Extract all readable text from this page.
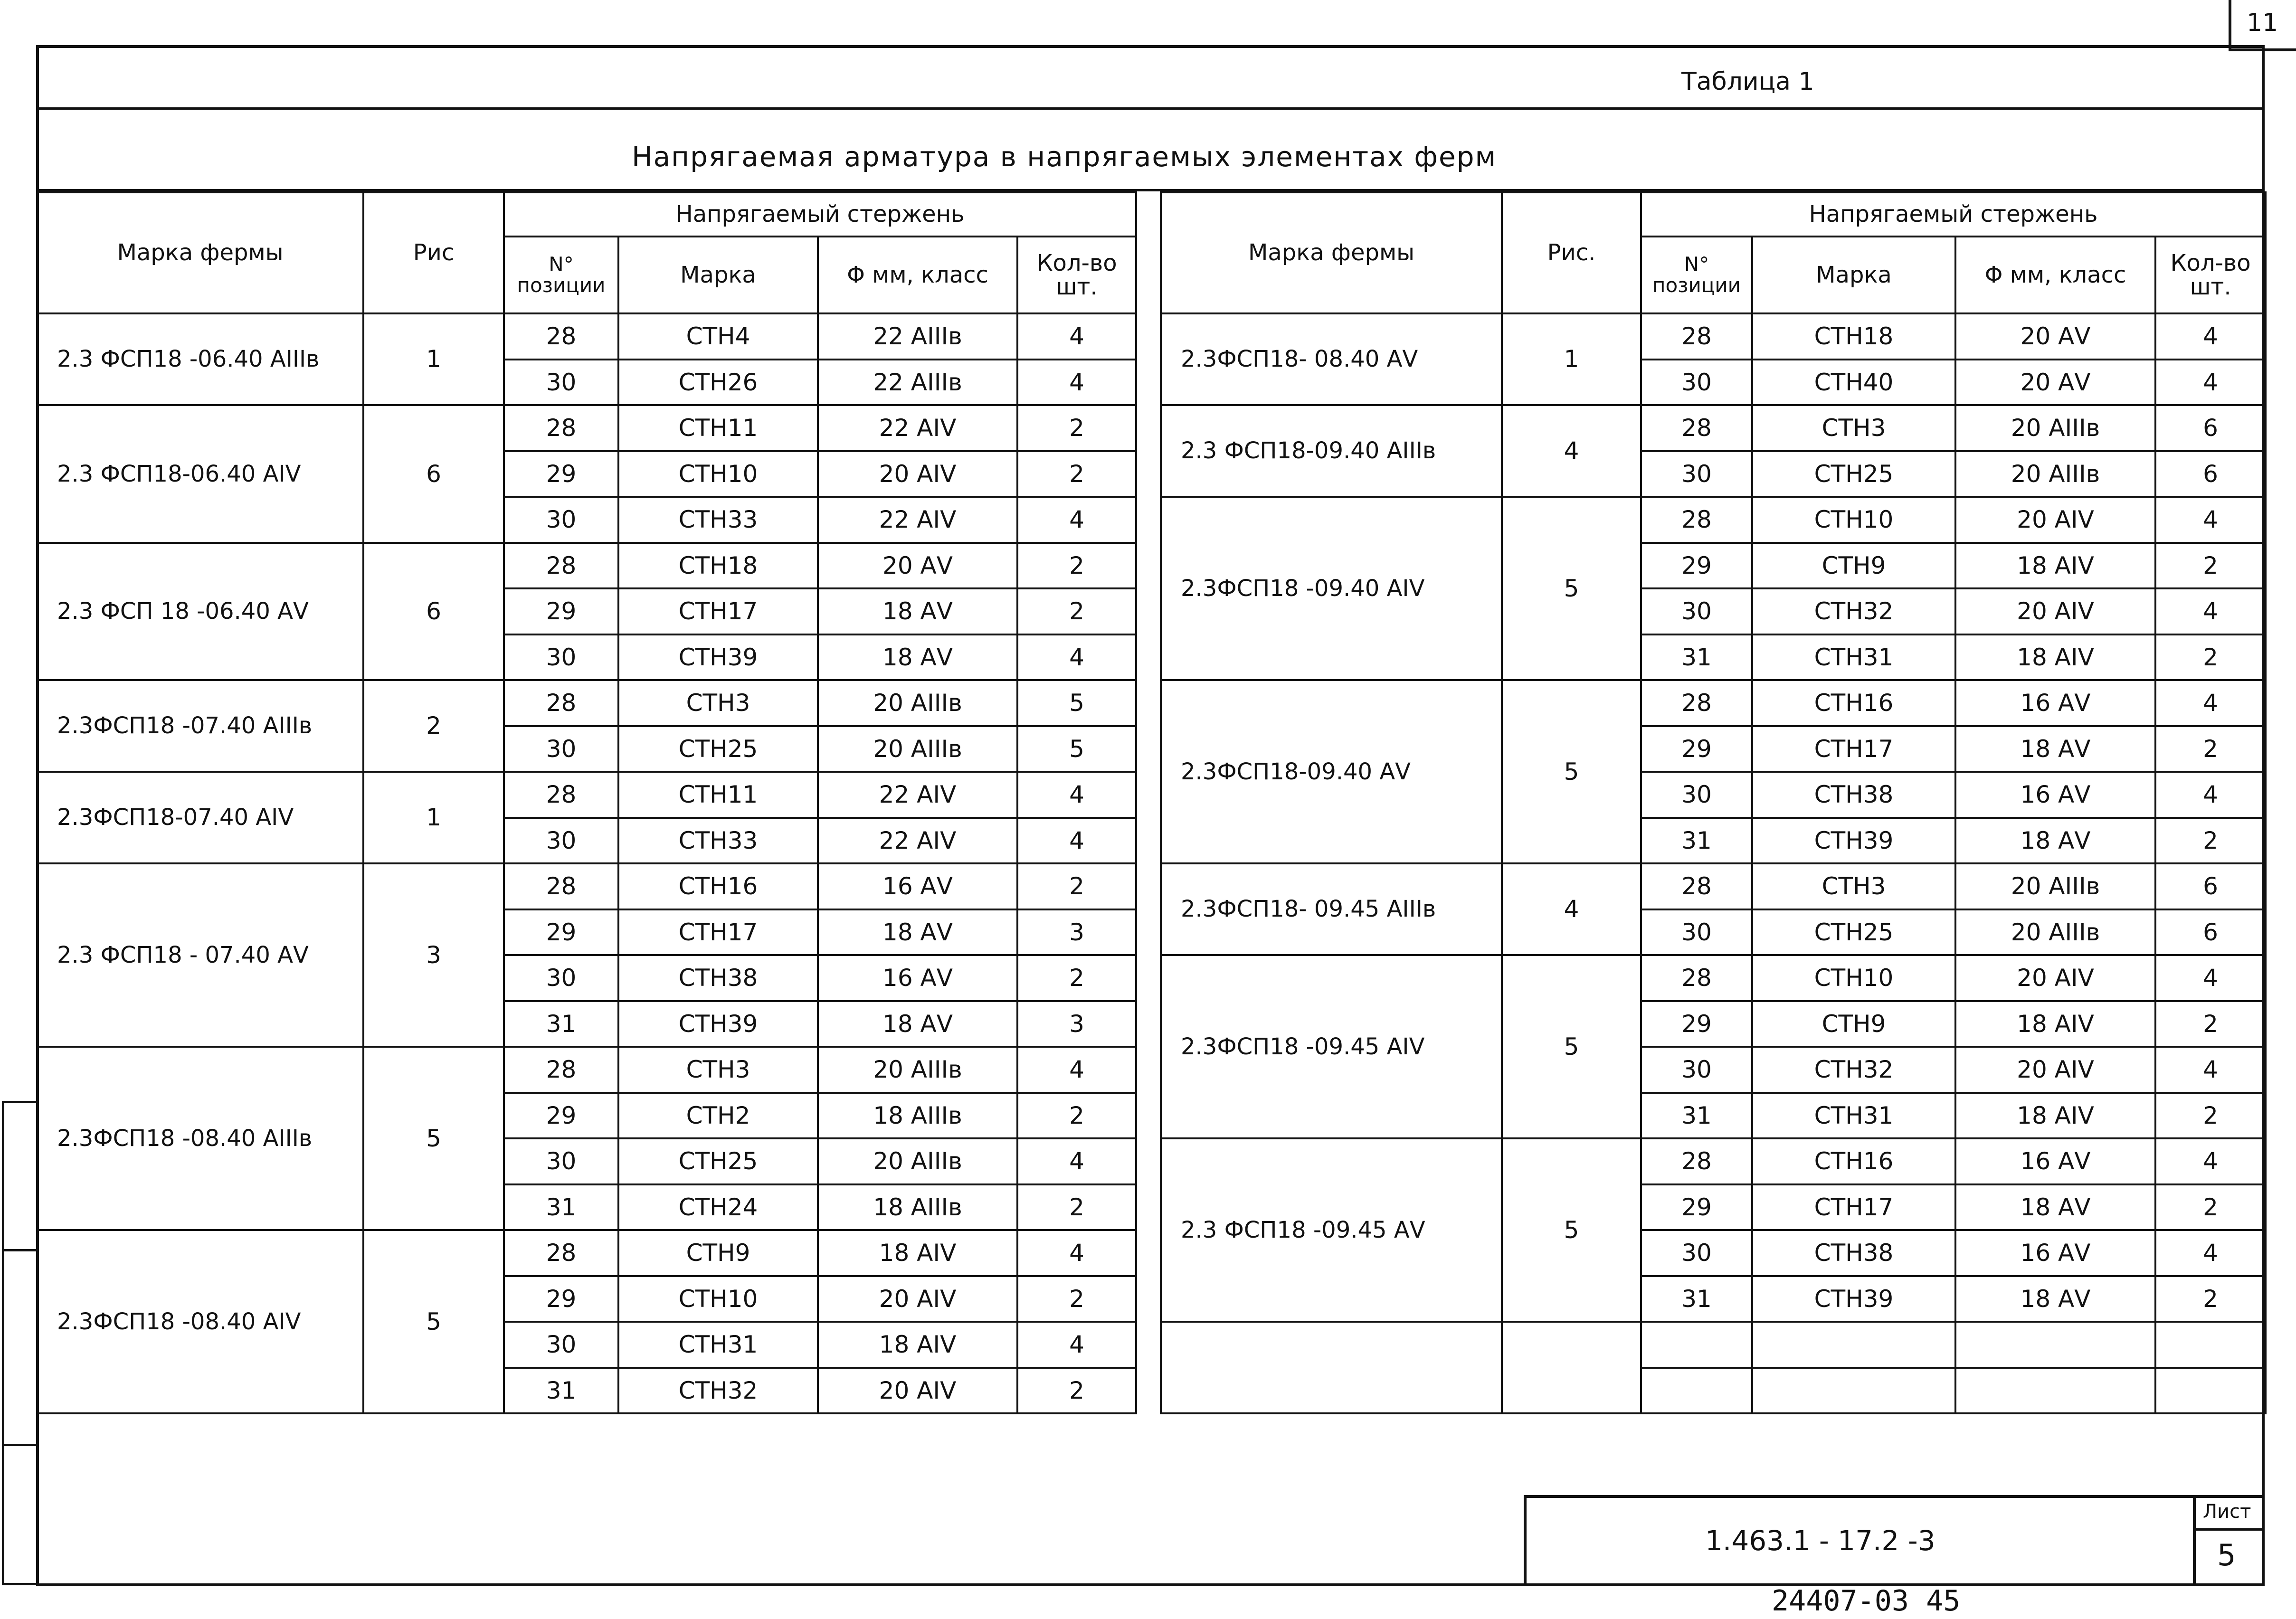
11
Таблица 1
Напрягаемая арматура в напрягаемых элементах ферм
Марка фермы	Рис	Напрягаемый стержень			
		N° позиции	Марка	Φ мм, класс	Кол-во шт.
2.3 ФСП18 -06.40 АIIIв	1	28	СТН4	22 АIIIв	4
		30	СТН26	22 АIIIв	4
2.3 ФСП18-06.40 АIV	6	28	СТН11	22 АIV	2
		29	СТН10	20 АIV	2
		30	СТН33	22 АIV	4
2.3 ФСП 18 -06.40 АV	6	28	СТН18	20 АV	2
		29	СТН17	18 АV	2
		30	СТН39	18 АV	4
2.3ФСП18 -07.40 АIIIв	2	28	СТН3	20 АIIIв	5
		30	СТН25	20 АIIIв	5
2.3ФСП18-07.40 АIV	1	28	СТН11	22 АIV	4
		30	СТН33	22 АIV	4
2.3 ФСП18 - 07.40 АV	3	28	СТН16	16 АV	2
		29	СТН17	18 АV	3
		30	СТН38	16 АV	2
		31	СТН39	18 АV	3
2.3ФСП18 -08.40 АIIIв	5	28	СТН3	20 АIIIв	4
		29	СТН2	18 АIIIв	2
		30	СТН25	20 АIIIв	4
		31	СТН24	18 АIIIв	2
2.3ФСП18 -08.40 АIV	5	28	СТН9	18 АIV	4
		29	СТН10	20 АIV	2
		30	СТН31	18 АIV	4
		31	СТН32	20 АIV	2
Марка фермы	Рис.	Напрягаемый стержень			
		N° позиции	Марка	Φ мм, класс	Кол-во шт.
2.3ФСП18- 08.40 АV	1	28	СТН18	20 АV	4
		30	СТН40	20 АV	4
2.3 ФСП18-09.40 АIIIв	4	28	СТН3	20 АIIIв	6
		30	СТН25	20 АIIIв	6
2.3ФСП18 -09.40 АIV	5	28	СТН10	20 АIV	4
		29	СТН9	18 АIV	2
		30	СТН32	20 АIV	4
		31	СТН31	18 АIV	2
2.3ФСП18-09.40 АV	5	28	СТН16	16 АV	4
		29	СТН17	18 АV	2
		30	СТН38	16 АV	4
		31	СТН39	18 АV	2
2.3ФСП18- 09.45 АIIIв	4	28	СТН3	20 АIIIв	6
		30	СТН25	20 АIIIв	6
2.3ФСП18 -09.45 АIV	5	28	СТН10	20 АIV	4
		29	СТН9	18 АIV	2
		30	СТН32	20 АIV	4
		31	СТН31	18 АIV	2
2.3 ФСП18 -09.45 АV	5	28	СТН16	16 АV	4
		29	СТН17	18 АV	2
		30	СТН38	16 АV	4
		31	СТН39	18 АV	2

1.463.1 - 17.2 -3
Лист
5
24407-03 45
